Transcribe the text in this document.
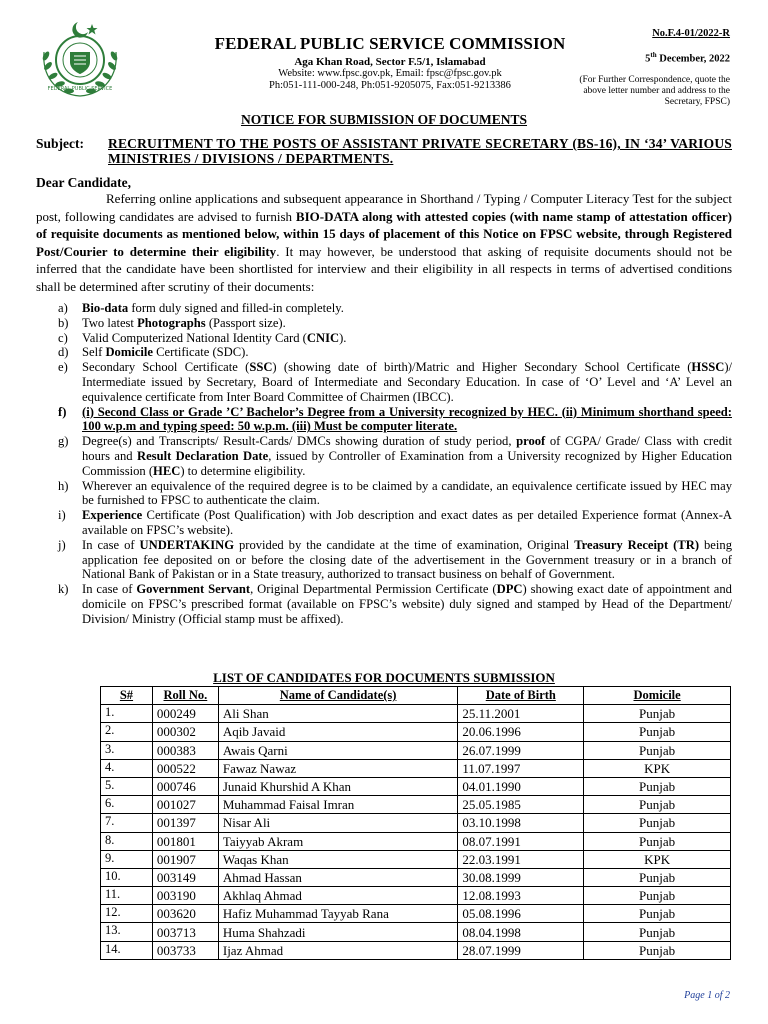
FEDERAL PUBLIC SERVICE
FEDERAL PUBLIC SERVICE COMMISSION
Aga Khan Road, Sector F.5/1, Islamabad
Website: www.fpsc.gov.pk, Email: fpsc@fpsc.gov.pk
Ph:051-111-000-248, Ph:051-9205075, Fax:051-9213386
No.F.4-01/2022-R
5th December, 2022
(For Further Correspondence, quote the above letter number and address to the Secretary, FPSC)
NOTICE FOR SUBMISSION OF DOCUMENTS
Subject: RECRUITMENT TO THE POSTS OF ASSISTANT PRIVATE SECRETARY (BS-16), IN ‘34’ VARIOUS MINISTRIES / DIVISIONS / DEPARTMENTS.
Dear Candidate,
Referring online applications and subsequent appearance in Shorthand / Typing / Computer Literacy Test for the subject post, following candidates are advised to furnish BIO-DATA along with attested copies (with name stamp of attestation officer) of requisite documents as mentioned below, within 15 days of placement of this Notice on FPSC website, through Registered Post/Courier to determine their eligibility. It may however, be understood that asking of requisite documents should not be inferred that the candidate have been shortlisted for interview and their eligibility in all respects in terms of advertised conditions shall be determined after scrutiny of their documents:
a) Bio-data form duly signed and filled-in completely.
b) Two latest Photographs (Passport size).
c) Valid Computerized National Identity Card (CNIC).
d) Self Domicile Certificate (SDC).
e) Secondary School Certificate (SSC) (showing date of birth)/Matric and Higher Secondary School Certificate (HSSC)/ Intermediate issued by Secretary, Board of Intermediate and Secondary Education. In case of ‘O’ Level and ‘A’ Level an equivalence certificate from Inter Board Committee of Chairmen (IBCC).
f) (i) Second Class or Grade ’C’ Bachelor’s Degree from a University recognized by HEC. (ii) Minimum shorthand speed: 100 w.p.m and typing speed: 50 w.p.m. (iii) Must be computer literate.
g) Degree(s) and Transcripts/ Result-Cards/ DMCs showing duration of study period, proof of CGPA/ Grade/ Class with credit hours and Result Declaration Date, issued by Controller of Examination from a University recognized by Higher Education Commission (HEC) to determine eligibility.
h) Wherever an equivalence of the required degree is to be claimed by a candidate, an equivalence certificate issued by HEC may be furnished to FPSC to authenticate the claim.
i) Experience Certificate (Post Qualification) with Job description and exact dates as per detailed Experience format (Annex-A available on FPSC’s website).
j) In case of UNDERTAKING provided by the candidate at the time of examination, Original Treasury Receipt (TR) being application fee deposited on or before the closing date of the advertisement in the Government treasury or in a branch of National Bank of Pakistan or in a State treasury, authorized to transact business on behalf of Government.
k) In case of Government Servant, Original Departmental Permission Certificate (DPC) showing exact date of appointment and domicile on FPSC’s prescribed format (available on FPSC’s website) duly signed and stamped by Head of the Department/ Division/ Ministry (Official stamp must be affixed).
LIST OF CANDIDATES FOR DOCUMENTS SUBMISSION
S#	Roll No.	Name of Candidate(s)	Date of Birth	Domicile
1.	000249	Ali Shan	25.11.2001	Punjab
2.	000302	Aqib Javaid	20.06.1996	Punjab
3.	000383	Awais Qarni	26.07.1999	Punjab
4.	000522	Fawaz Nawaz	11.07.1997	KPK
5.	000746	Junaid Khurshid A Khan	04.01.1990	Punjab
6.	001027	Muhammad Faisal Imran	25.05.1985	Punjab
7.	001397	Nisar Ali	03.10.1998	Punjab
8.	001801	Taiyyab Akram	08.07.1991	Punjab
9.	001907	Waqas Khan	22.03.1991	KPK
10.	003149	Ahmad Hassan	30.08.1999	Punjab
11.	003190	Akhlaq Ahmad	12.08.1993	Punjab
12.	003620	Hafiz Muhammad Tayyab Rana	05.08.1996	Punjab
13.	003713	Huma Shahzadi	08.04.1998	Punjab
14.	003733	Ijaz Ahmad	28.07.1999	Punjab
Page 1 of 2
